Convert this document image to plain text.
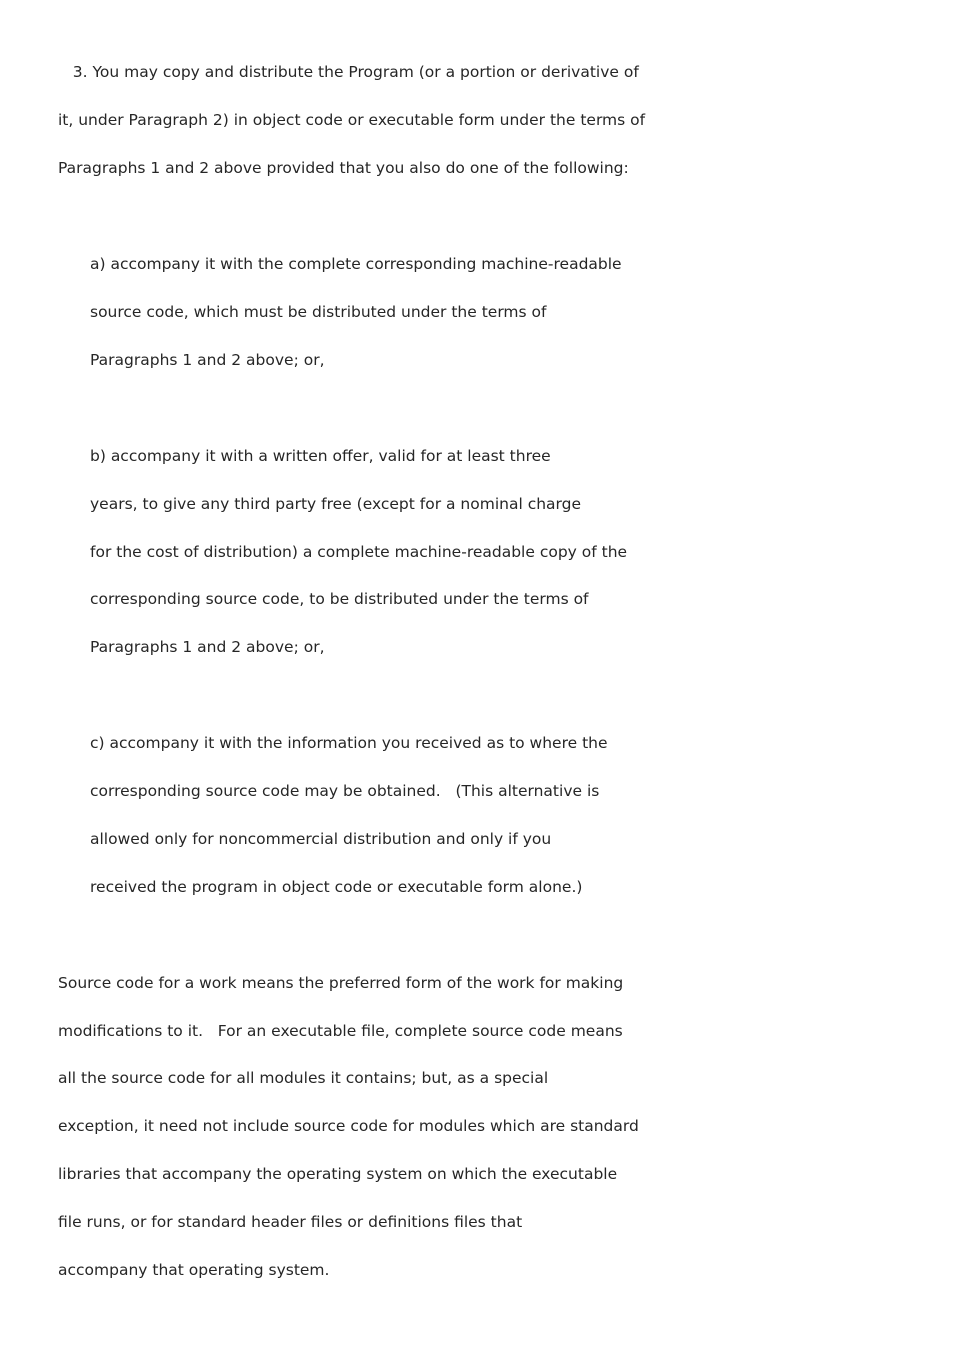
3. You may copy and distribute the Program (or a portion or derivative of

it, under Paragraph 2) in object code or executable form under the terms of

Paragraphs 1 and 2 above provided that you also do one of the following:

a) accompany it with the complete corresponding machine-readable

source code, which must be distributed under the terms of

Paragraphs 1 and 2 above; or,

b) accompany it with a written offer, valid for at least three

years, to give any third party free (except for a nominal charge

for the cost of distribution) a complete machine-readable copy of the

corresponding source code, to be distributed under the terms of

Paragraphs 1 and 2 above; or,

c) accompany it with the information you received as to where the

corresponding source code may be obtained.   (This alternative is

allowed only for noncommercial distribution and only if you

received the program in object code or executable form alone.)

Source code for a work means the preferred form of the work for making

modifications to it.   For an executable file, complete source code means

all the source code for all modules it contains; but, as a special

exception, it need not include source code for modules which are standard

libraries that accompany the operating system on which the executable

file runs, or for standard header files or definitions files that

accompany that operating system.
